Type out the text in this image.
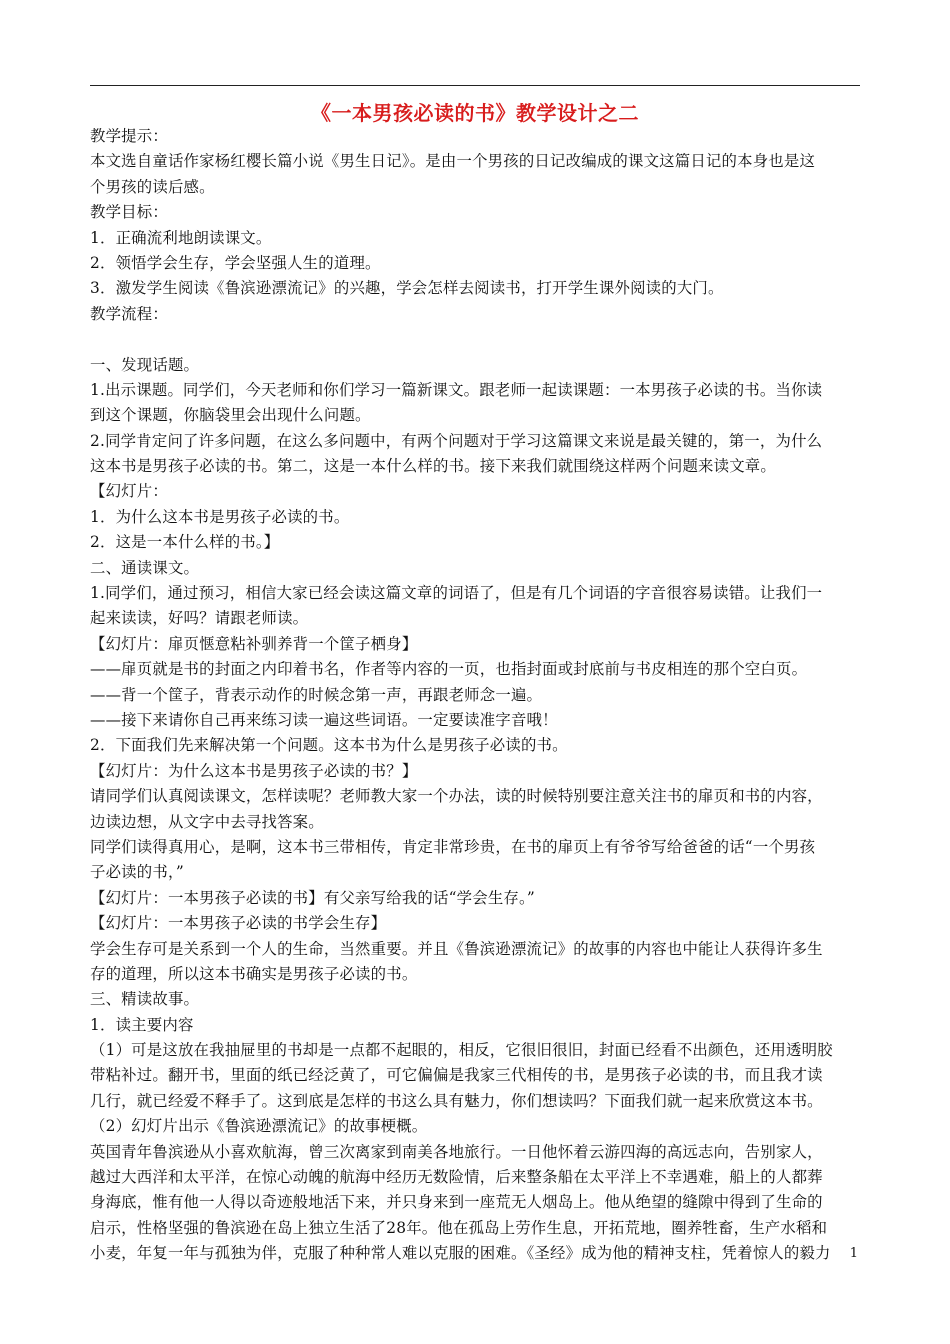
《一本男孩必读的书》教学设计之二
教学提示：
本文选自童话作家杨红樱长篇小说《男生日记》。是由一个男孩的日记改编成的课文这篇日记的本身也是这
个男孩的读后感。
教学目标：
1．正确流利地朗读课文。
2．领悟学会生存，学会坚强人生的道理。
3．激发学生阅读《鲁滨逊漂流记》的兴趣，学会怎样去阅读书，打开学生课外阅读的大门。
教学流程：
一、发现话题。
1.出示课题。同学们，今天老师和你们学习一篇新课文。跟老师一起读课题：一本男孩子必读的书。当你读
到这个课题，你脑袋里会出现什么问题。
2.同学肯定问了许多问题，在这么多问题中，有两个问题对于学习这篇课文来说是最关键的，第一，为什么
这本书是男孩子必读的书。第二，这是一本什么样的书。接下来我们就围绕这样两个问题来读文章。
【幻灯片：
1．为什么这本书是男孩子必读的书。
2．这是一本什么样的书。】
二、通读课文。
1.同学们，通过预习，相信大家已经会读这篇文章的词语了，但是有几个词语的字音很容易读错。让我们一
起来读读，好吗？请跟老师读。
【幻灯片：扉页惬意粘补驯养背一个筐子栖身】
——扉页就是书的封面之内印着书名，作者等内容的一页，也指封面或封底前与书皮相连的那个空白页。
——背一个筐子，背表示动作的时候念第一声，再跟老师念一遍。
——接下来请你自己再来练习读一遍这些词语。一定要读准字音哦！
2．下面我们先来解决第一个问题。这本书为什么是男孩子必读的书。
【幻灯片：为什么这本书是男孩子必读的书？】
请同学们认真阅读课文，怎样读呢？老师教大家一个办法，读的时候特别要注意关注书的扉页和书的内容，
边读边想，从文字中去寻找答案。
同学们读得真用心，是啊，这本书三带相传，肯定非常珍贵，在书的扉页上有爷爷写给爸爸的话“一个男孩
子必读的书，”
【幻灯片：一本男孩子必读的书】有父亲写给我的话“学会生存。”
【幻灯片：一本男孩子必读的书学会生存】
学会生存可是关系到一个人的生命，当然重要。并且《鲁滨逊漂流记》的故事的内容也中能让人获得许多生
存的道理，所以这本书确实是男孩子必读的书。
三、精读故事。
1．读主要内容
（1）可是这放在我抽屉里的书却是一点都不起眼的，相反，它很旧很旧，封面已经看不出颜色，还用透明胶
带粘补过。翻开书，里面的纸已经泛黄了，可它偏偏是我家三代相传的书，是男孩子必读的书，而且我才读
几行，就已经爱不释手了。这到底是怎样的书这么具有魅力，你们想读吗？下面我们就一起来欣赏这本书。
（2）幻灯片出示《鲁滨逊漂流记》的故事梗概。
英国青年鲁滨逊从小喜欢航海，曾三次离家到南美各地旅行。一日他怀着云游四海的高远志向，告别家人，
越过大西洋和太平洋，在惊心动魄的航海中经历无数险情，后来整条船在太平洋上不幸遇难，船上的人都葬
身海底，惟有他一人得以奇迹般地活下来，并只身来到一座荒无人烟岛上。他从绝望的缝隙中得到了生命的
启示，性格坚强的鲁滨逊在岛上独立生活了28年。他在孤岛上劳作生息，开拓荒地，圈养牲畜，生产水稻和
小麦，年复一年与孤独为伴，克服了种种常人难以克服的困难。《圣经》成为他的精神支柱，凭着惊人的毅力	1
